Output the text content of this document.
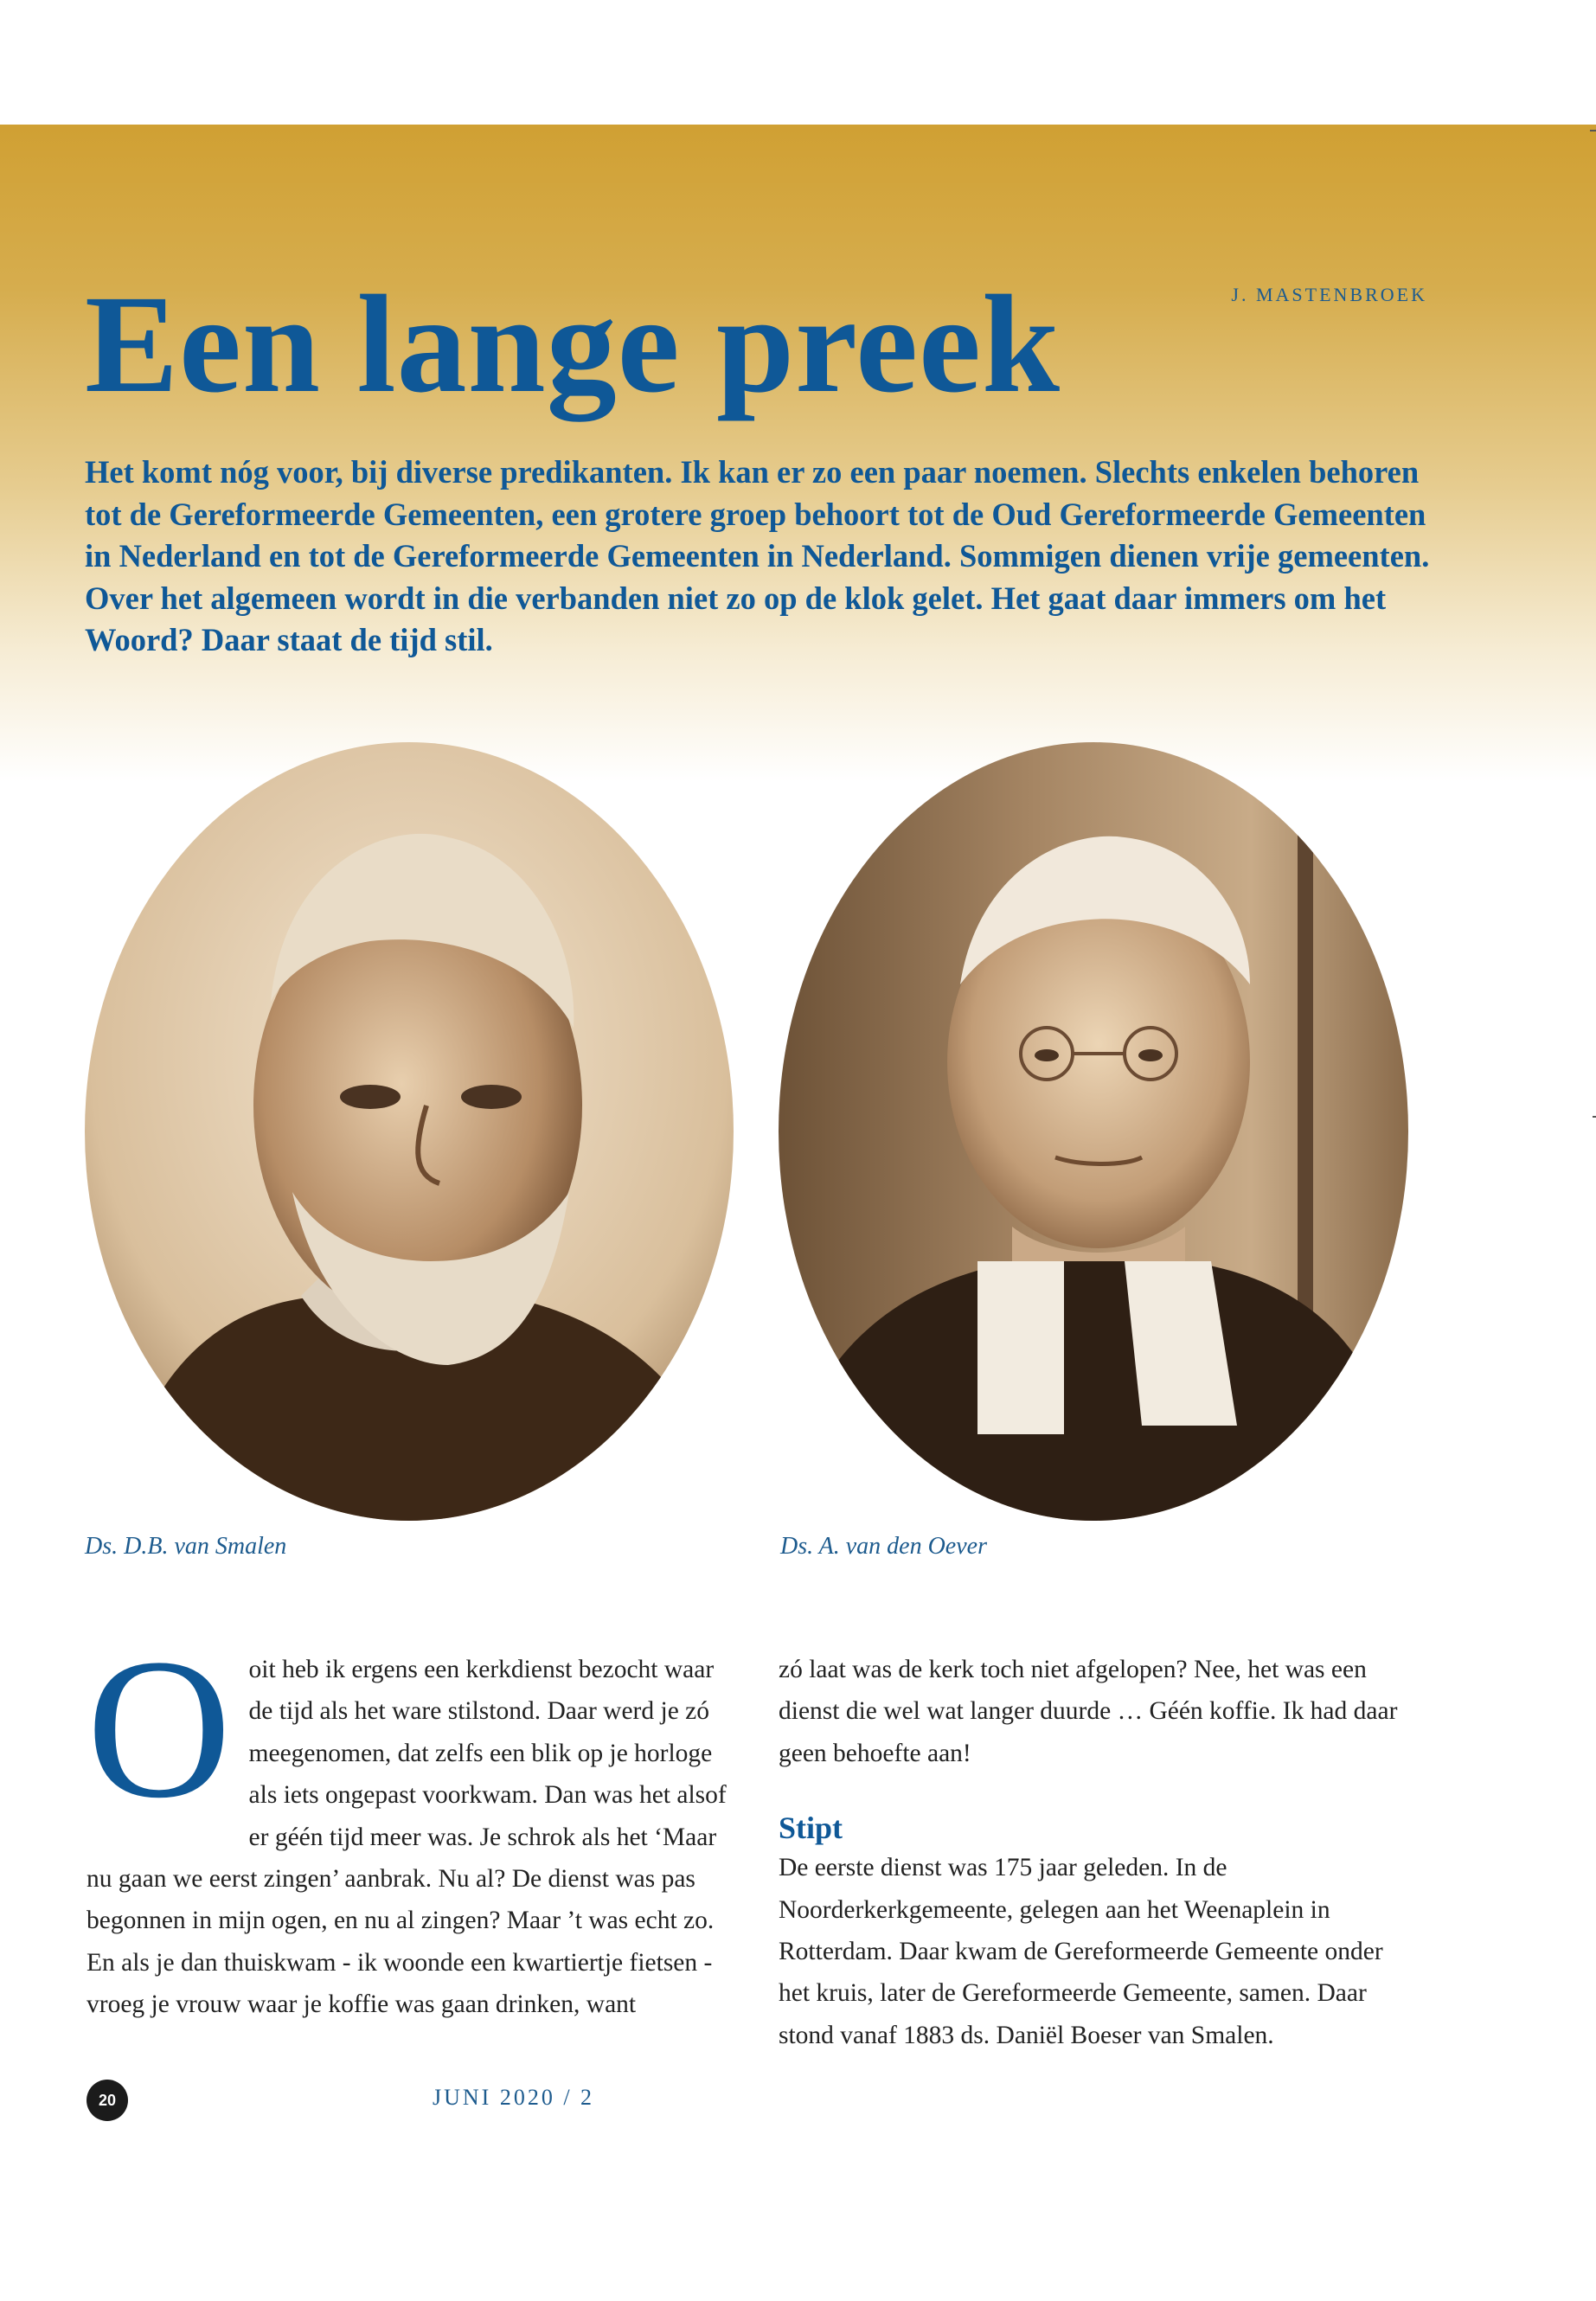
J. MASTENBROEK
Een lange preek

Het komt nóg voor, bij diverse predikanten. Ik kan er zo een paar noemen. Slechts enkelen behoren tot de Gereformeerde Gemeenten, een grotere groep behoort tot de Oud Gereformeerde Gemeenten in Nederland en tot de Gereformeerde Gemeenten in Nederland. Sommigen dienen vrije gemeenten. Over het algemeen wordt in die verbanden niet zo op de klok gelet. Het gaat daar immers om het Woord? Daar staat de tijd stil.

Ds. D.B. van Smalen	Ds. A. van den Oever
O oit heb ik ergens een kerkdienst bezocht waar de tijd als het ware stilstond. Daar werd je zó meegenomen, dat zelfs een blik op je horloge als iets ongepast voorkwam. Dan was het alsof er géén tijd meer was. Je schrok als het ‘Maar nu gaan we eerst zingen’ aanbrak. Nu al? De dienst was pas begonnen in mijn ogen, en nu al zingen? Maar ’t was echt zo. En als je dan thuiskwam - ik woonde een kwartiertje fietsen - vroeg je vrouw waar je koffie was gaan drinken, want

zó laat was de kerk toch niet afgelopen? Nee, het was een dienst die wel wat langer duurde … Géén koffie. Ik had daar geen behoefte aan!

Stipt

De eerste dienst was 175 jaar geleden. In de Noorderkerkgemeente, gelegen aan het Weenaplein in Rotterdam. Daar kwam de Gereformeerde Gemeente onder het kruis, later de Gereformeerde Gemeente, samen. Daar stond vanaf 1883 ds. Daniël Boeser van Smalen.

20	JUNI 2020 / 2
